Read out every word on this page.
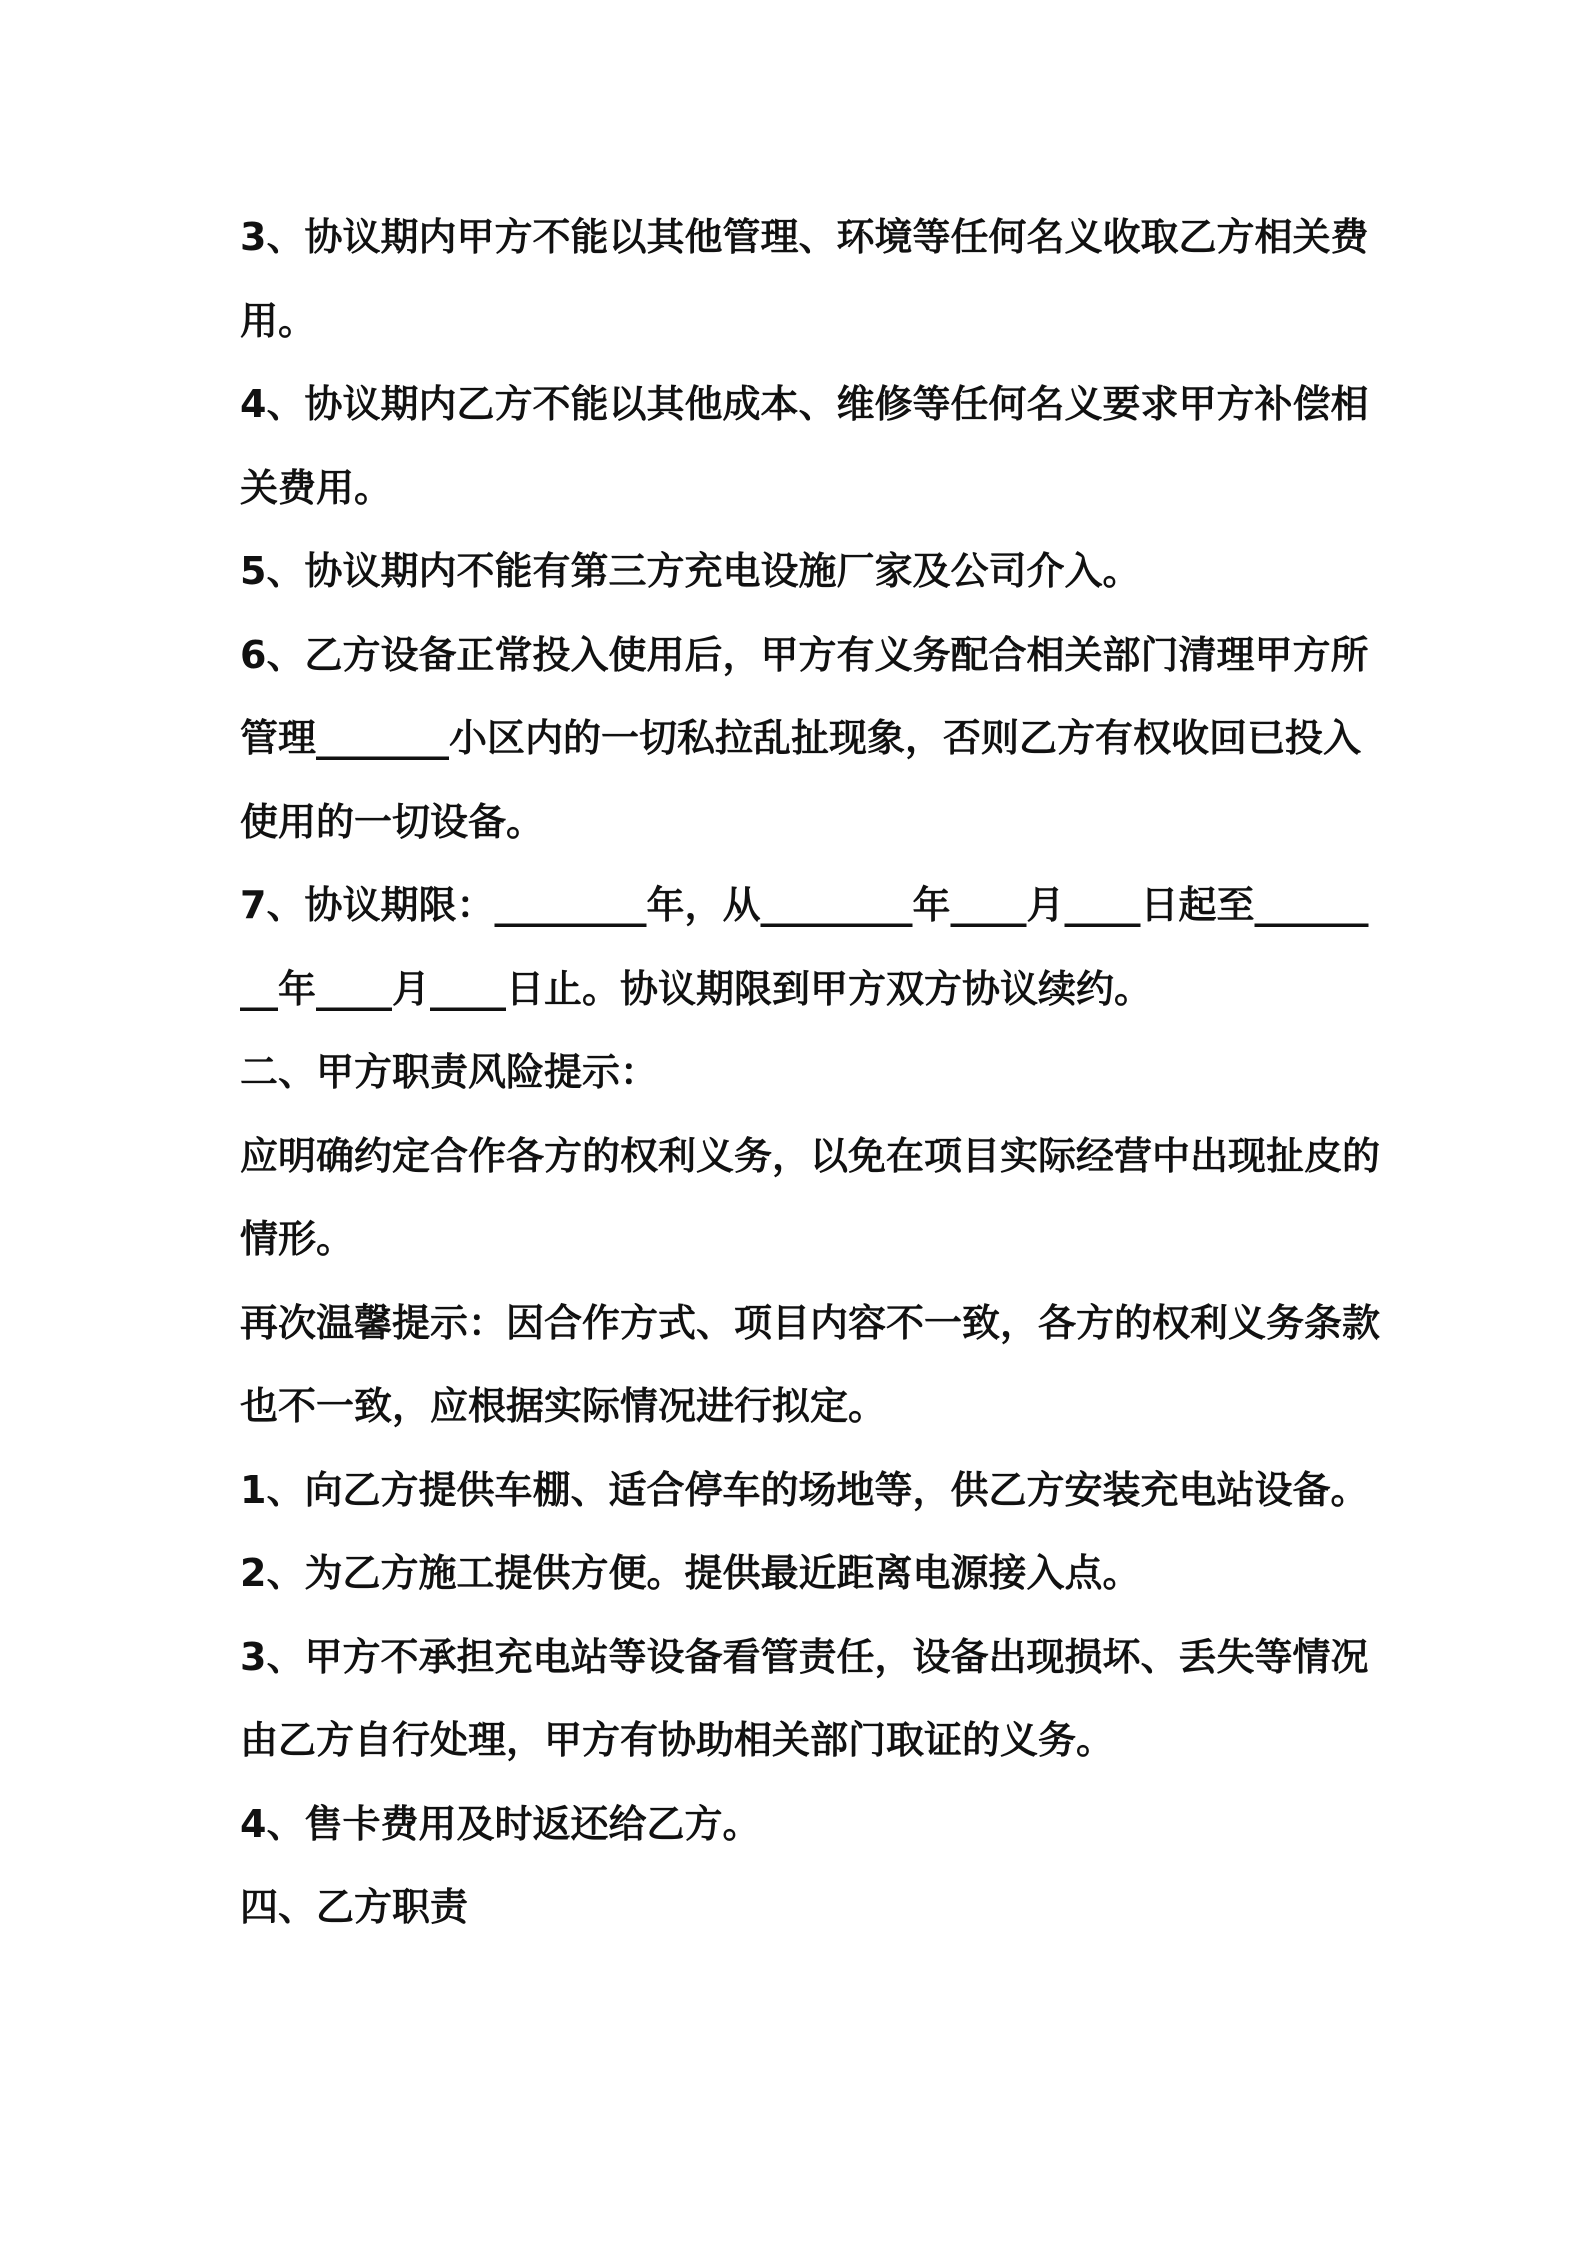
3、协议期内甲方不能以其他管理、环境等任何名义收取乙方相关费用。

4、协议期内乙方不能以其他成本、维修等任何名义要求甲方补偿相关费用。

5、协议期内不能有第三方充电设施厂家及公司介入。

6、乙方设备正常投入使用后，甲方有义务配合相关部门清理甲方所管理_______小区内的一切私拉乱扯现象，否则乙方有权收回已投入使用的一切设备。

7、协议期限：________年，从________年____月____日起至________年____月____日止。协议期限到甲方双方协议续约。

二、甲方职责风险提示：

应明确约定合作各方的权利义务，以免在项目实际经营中出现扯皮的情形。

再次温馨提示：因合作方式、项目内容不一致，各方的权利义务条款也不一致，应根据实际情况进行拟定。

1、向乙方提供车棚、适合停车的场地等，供乙方安装充电站设备。

2、为乙方施工提供方便。提供最近距离电源接入点。

3、甲方不承担充电站等设备看管责任，设备出现损坏、丢失等情况由乙方自行处理，甲方有协助相关部门取证的义务。

4、售卡费用及时返还给乙方。

四、乙方职责
